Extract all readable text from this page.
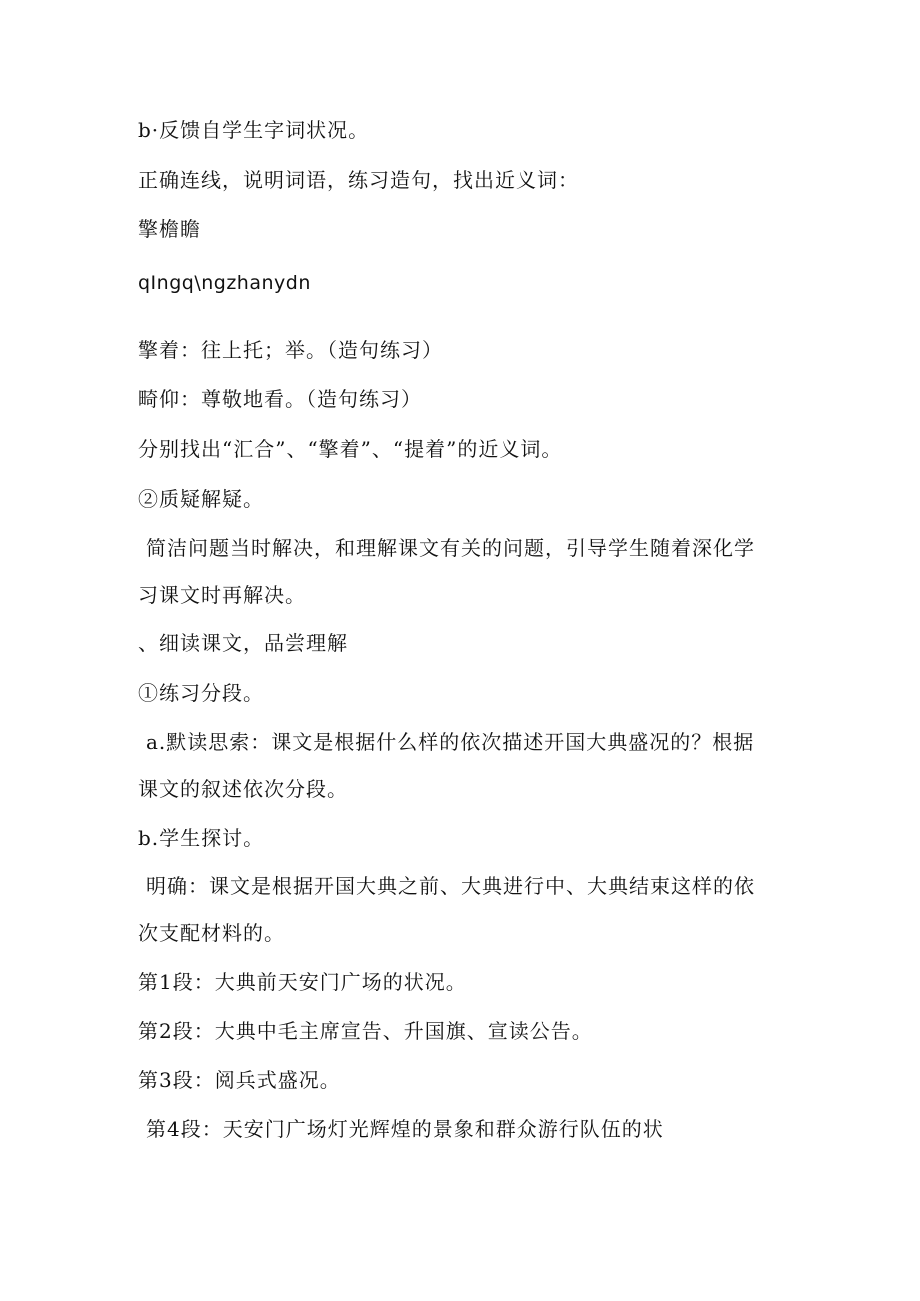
b·反馈自学生字词状况。
正确连线，说明词语，练习造句，找出近义词：
擎檐瞻
qIngq\ngzhanydn
擎着：往上托；举。（造句练习）
畸仰：尊敬地看。（造句练习）
分别找出“汇合”、“擎着”、“提着”的近义词。
②质疑解疑。
简洁问题当时解决，和理解课文有关的问题，引导学生随着深化学
习课文时再解决。
、细读课文，品尝理解
①练习分段。
a.默读思索：课文是根据什么样的依次描述开国大典盛况的？根据
课文的叙述依次分段。
b.学生探讨。
明确：课文是根据开国大典之前、大典进行中、大典结束这样的依
次支配材料的。
第1段：大典前天安门广场的状况。
第2段：大典中毛主席宣告、升国旗、宣读公告。
第3段：阅兵式盛况。
第4段：天安门广场灯光辉煌的景象和群众游行队伍的状
